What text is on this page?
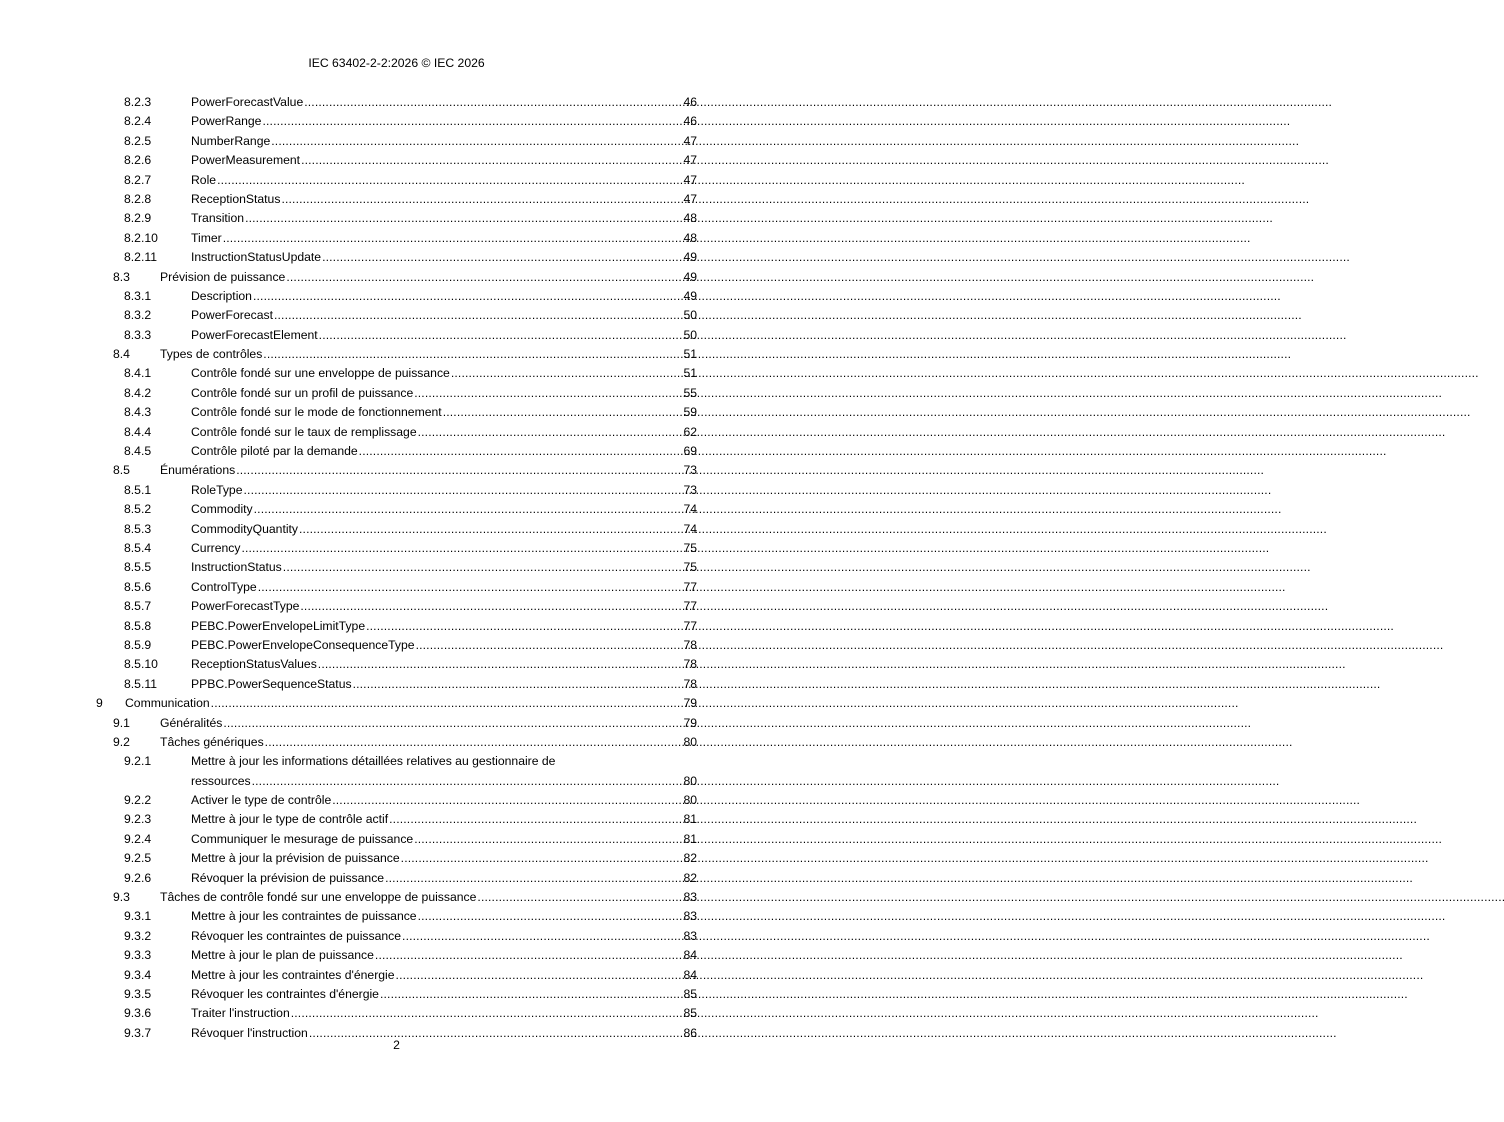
IEC 63402-2-2:2026 © IEC 2026
8.2.3	PowerForecastValue . . .	46
8.2.4	PowerRange . . .	46
8.2.5	NumberRange . . .	47
8.2.6	PowerMeasurement . . .	47
8.2.7	Role . . .	47
8.2.8	ReceptionStatus . . .	47
8.2.9	Transition . . .	48
8.2.10	Timer . . .	48
8.2.11	InstructionStatusUpdate . . .	49
8.3 Prévision de puissance . . .	49
8.3.1	Description . . .	49
8.3.2	PowerForecast . . .	50
8.3.3	PowerForecastElement . . .	50
8.4 Types de contrôles . . .	51
8.4.1	Contrôle fondé sur une enveloppe de puissance . . .	51
8.4.2	Contrôle fondé sur un profil de puissance . . .	55
8.4.3	Contrôle fondé sur le mode de fonctionnement . . .	59
8.4.4	Contrôle fondé sur le taux de remplissage . . .	62
8.4.5	Contrôle piloté par la demande . . .	69
8.5 Énumérations . . .	73
8.5.1	RoleType . . .	73
8.5.2	Commodity . . .	74
8.5.3	CommodityQuantity . . .	74
8.5.4	Currency . . .	75
8.5.5	InstructionStatus . . .	75
8.5.6	ControlType . . .	77
8.5.7	PowerForecastType . . .	77
8.5.8	PEBC.PowerEnvelopeLimitType . . .	77
8.5.9	PEBC.PowerEnvelopeConsequenceType . . .	78
8.5.10	ReceptionStatusValues . . .	78
8.5.11	PPBC.PowerSequenceStatus . . .	78
9 Communication . . .	79
9.1 Généralités . . .	79
9.2 Tâches génériques . . .	80
9.2.1	Mettre à jour les informations détaillées relatives au gestionnaire de
ressources . . .	80
9.2.2	Activer le type de contrôle . . .	80
9.2.3	Mettre à jour le type de contrôle actif . . .	81
9.2.4	Communiquer le mesurage de puissance . . .	81
9.2.5	Mettre à jour la prévision de puissance . . .	82
9.2.6	Révoquer la prévision de puissance . . .	82
9.3 Tâches de contrôle fondé sur une enveloppe de puissance . . .	83
9.3.1	Mettre à jour les contraintes de puissance . . .	83
9.3.2	Révoquer les contraintes de puissance . . .	83
9.3.3	Mettre à jour le plan de puissance . . .	84
9.3.4	Mettre à jour les contraintes d'énergie . . .	84
9.3.5	Révoquer les contraintes d'énergie . . .	85
9.3.6	Traiter l'instruction . . .	85
9.3.7	Révoquer l'instruction . . .	86
2
